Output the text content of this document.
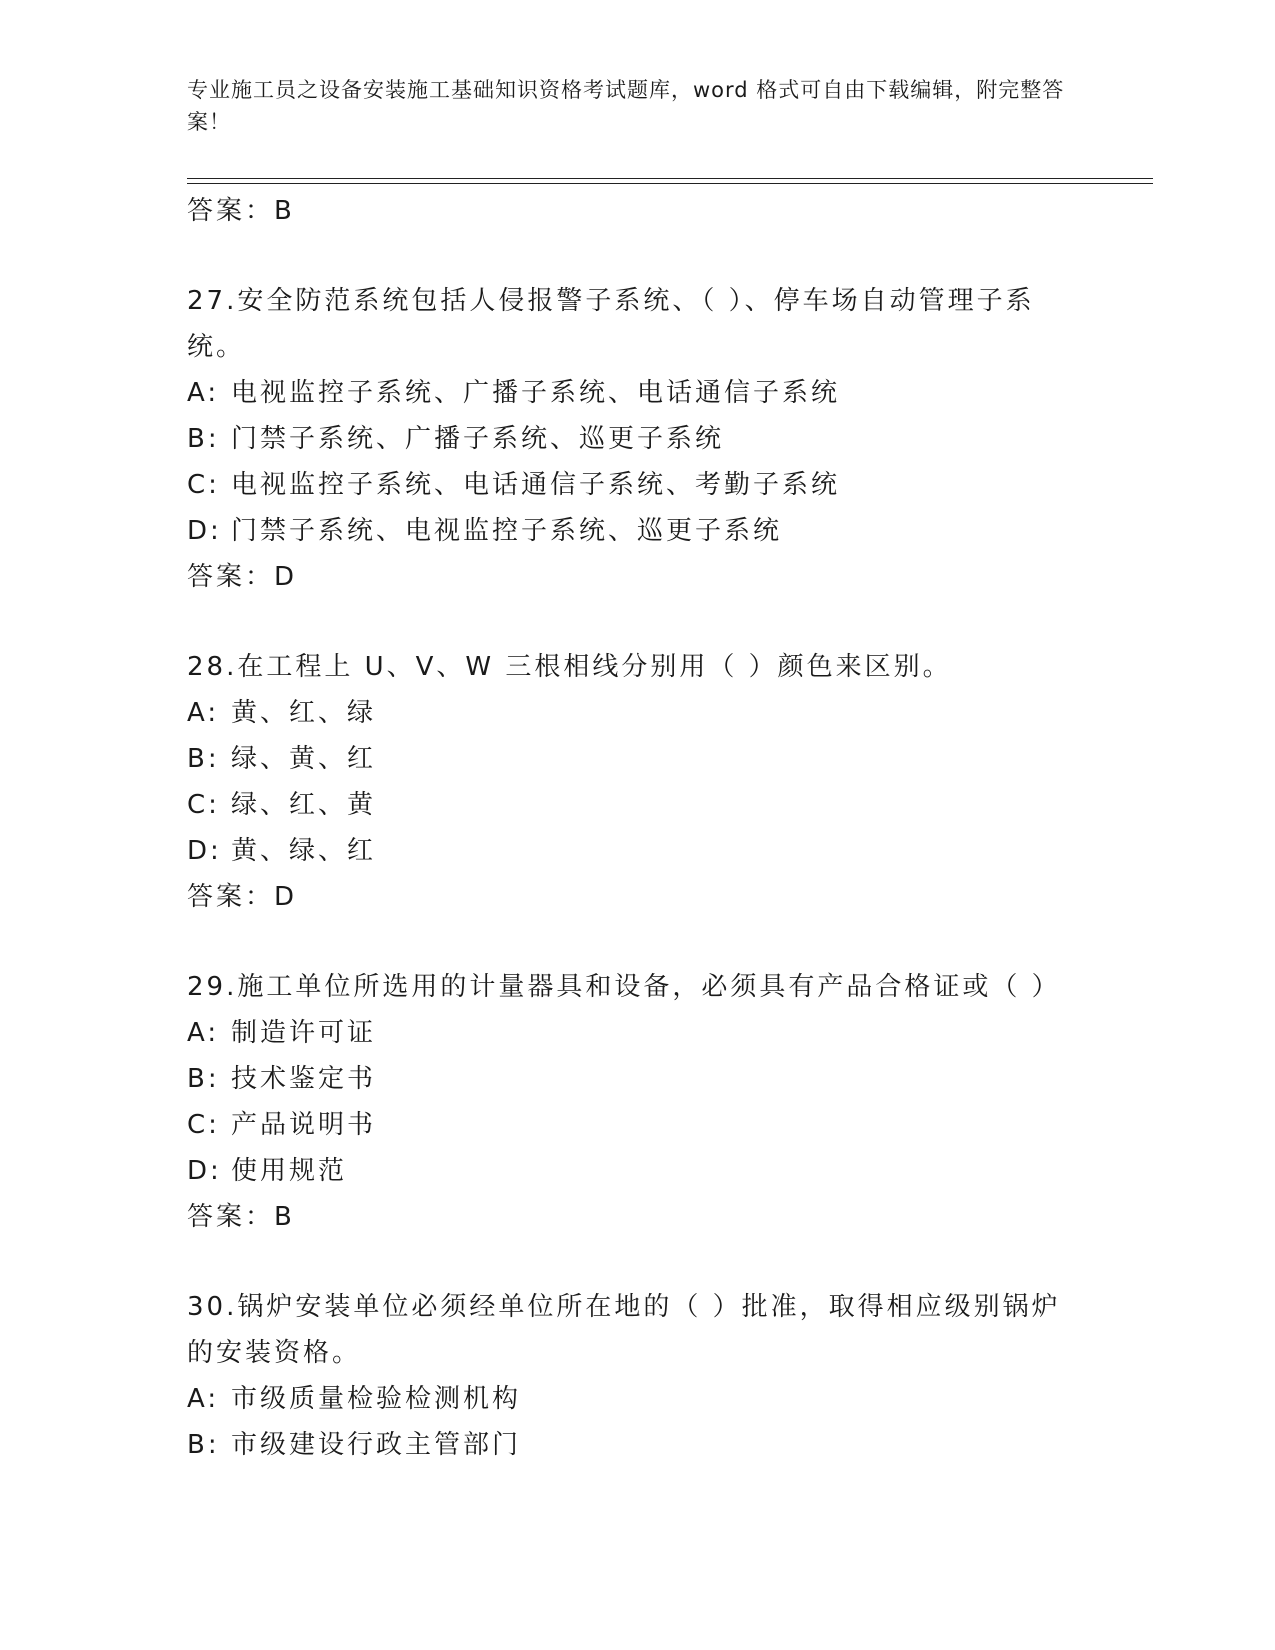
专业施工员之设备安装施工基础知识资格考试题库，word 格式可自由下载编辑，附完整答案！

答案：B

27.安全防范系统包括人侵报警子系统、（ ）、停车场自动管理子系统。

A: 电视监控子系统、广播子系统、电话通信子系统

B: 门禁子系统、广播子系统、巡更子系统

C: 电视监控子系统、电话通信子系统、考勤子系统

D: 门禁子系统、电视监控子系统、巡更子系统

答案：D

28.在工程上 U、V、W 三根相线分别用（ ）颜色来区别。

A: 黄、红、绿

B: 绿、黄、红

C: 绿、红、黄

D: 黄、绿、红

答案：D

29.施工单位所选用的计量器具和设备，必须具有产品合格证或（ ）

A: 制造许可证

B: 技术鉴定书

C: 产品说明书

D: 使用规范

答案：B

30.锅炉安装单位必须经单位所在地的（ ）批准，取得相应级别锅炉的安装资格。

A: 市级质量检验检测机构

B: 市级建设行政主管部门
